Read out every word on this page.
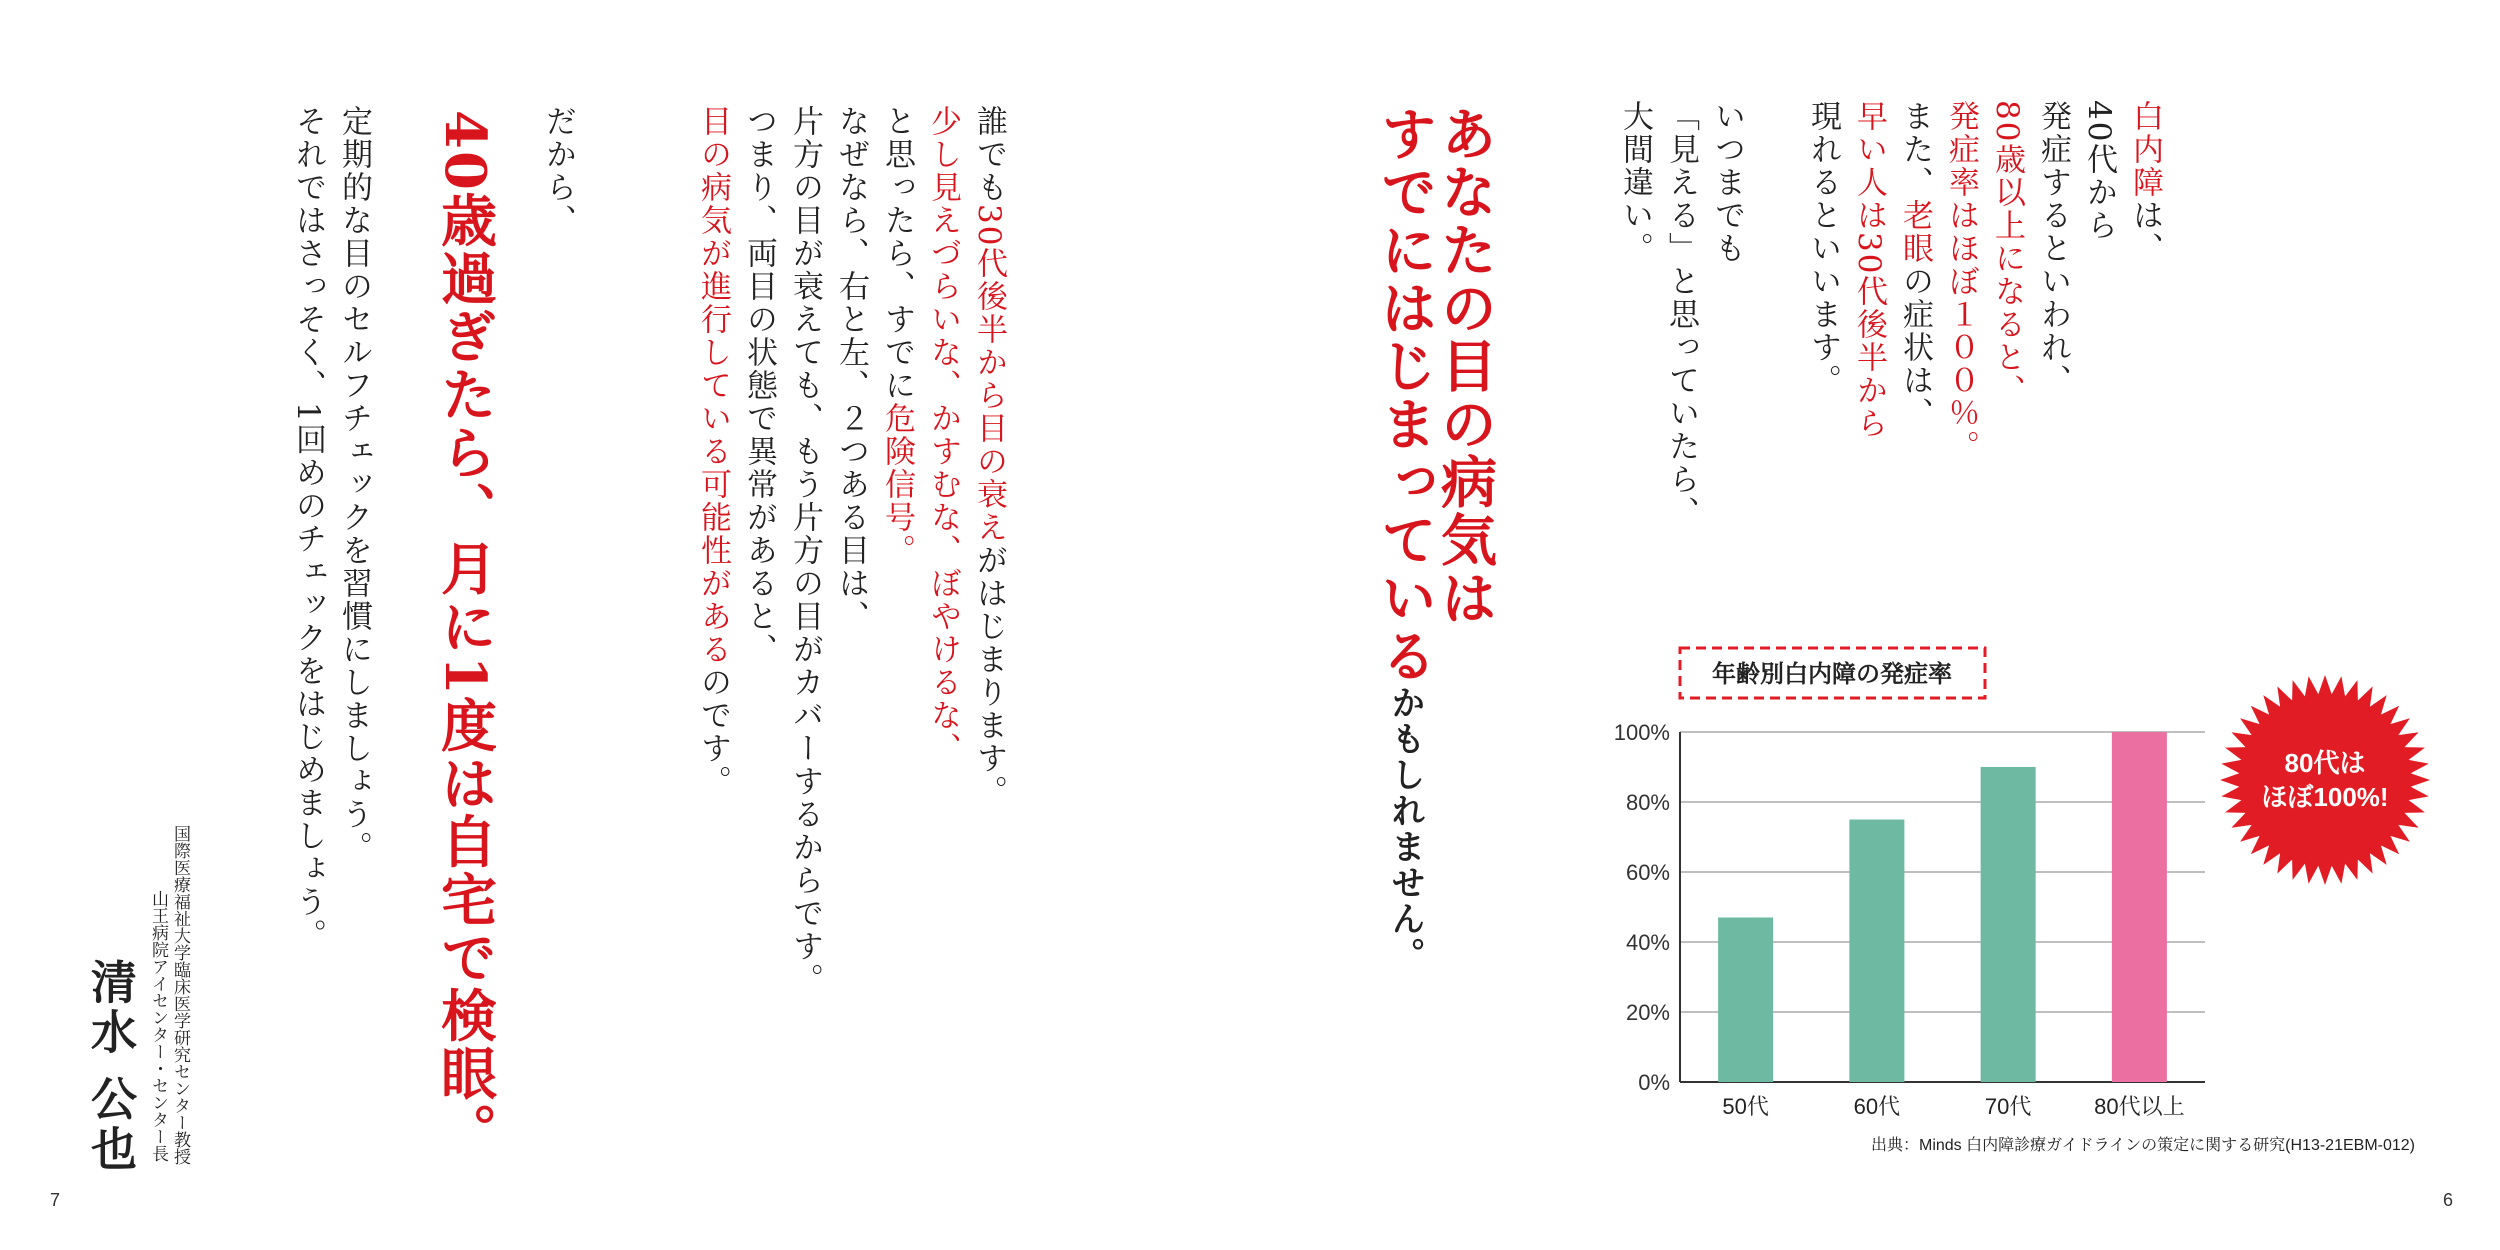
白内障は、
40代から
発症するといわれ、
80歳以上になると、
発症率はほぼ１００％。
また、老眼の症状は、
早い人は30代後半から
現れるといいます。
いつまでも
「見える」と思っていたら、
大間違い。
あなたの目の病気は
すでにはじまっているかもしれません。
年齢別白内障の発症率
0%
20%
40%
60%
80%
100%
50代	60代	70代	80代以上
80代は
ほぼ100%!
出典：Minds 白内障診療ガイドラインの策定に関する研究(H13-21EBM-012)
誰でも30代後半から目の衰えがはじまります。
少し見えづらいな、かすむな、ぼやけるな、
と思ったら、すでに危険信号。
なぜなら、右と左、２つある目は、
片方の目が衰えても、もう片方の目がカバーするからです。
つまり、両目の状態で異常があると、
目の病気が進行している可能性があるのです。
だから、
40歳過ぎたら、月に1度は自宅で検眼。
定期的な目のセルフチェックを習慣にしましょう。
それではさっそく、1回めのチェックをはじめましょう。
国際医療福祉大学臨床医学研究センター教授
山王病院アイセンター・センター長
清水 公也
7	6
